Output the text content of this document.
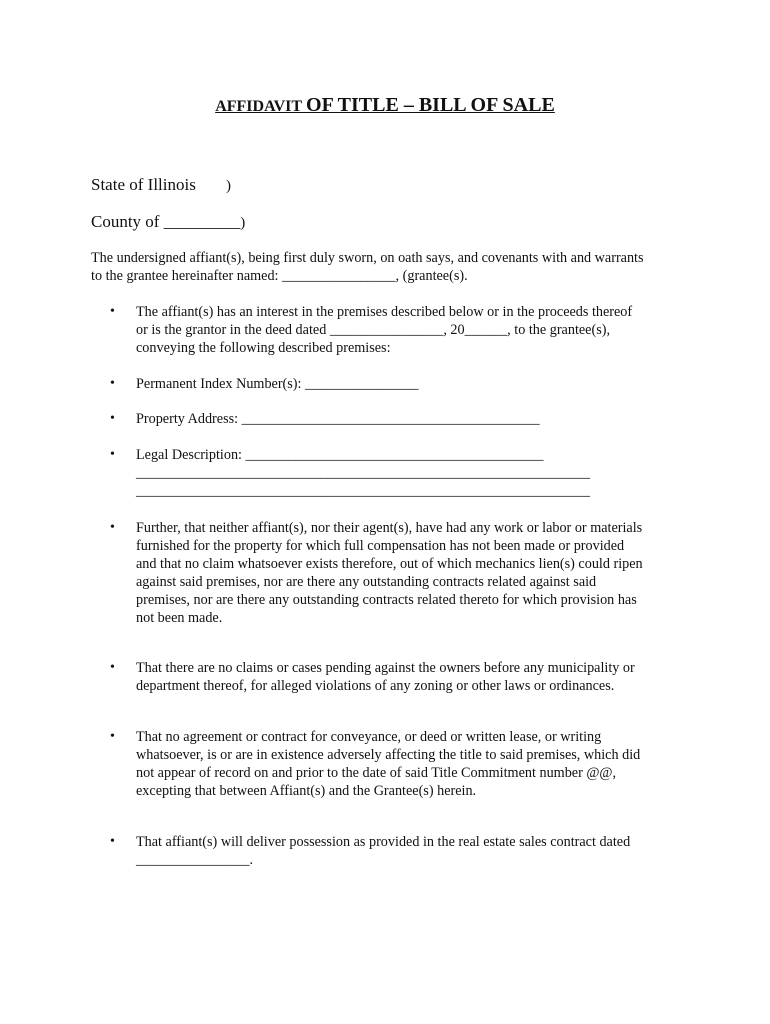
AFFIDAVIT OF TITLE – BILL OF SALE
State of Illinois )
County of _________)
The undersigned affiant(s), being first duly sworn, on oath says, and covenants with and warrants
to the grantee hereinafter named: ________________, (grantee(s).
• The affiant(s) has an interest in the premises described below or in the proceeds thereof
or is the grantor in the deed dated ________________, 20______, to the grantee(s),
conveying the following described premises:
• Permanent Index Number(s): ________________
• Property Address: __________________________________________
• Legal Description: __________________________________________
________________________________________________________________
________________________________________________________________
• Further, that neither affiant(s), nor their agent(s), have had any work or labor or materials
furnished for the property for which full compensation has not been made or provided
and that no claim whatsoever exists therefore, out of which mechanics lien(s) could ripen
against said premises, nor are there any outstanding contracts related against said
premises, nor are there any outstanding contracts related thereto for which provision has
not been made.
• That there are no claims or cases pending against the owners before any municipality or
department thereof, for alleged violations of any zoning or other laws or ordinances.
• That no agreement or contract for conveyance, or deed or written lease, or writing
whatsoever, is or are in existence adversely affecting the title to said premises, which did
not appear of record on and prior to the date of said Title Commitment number @@,
excepting that between Affiant(s) and the Grantee(s) herein.
• That affiant(s) will deliver possession as provided in the real estate sales contract dated
________________.
